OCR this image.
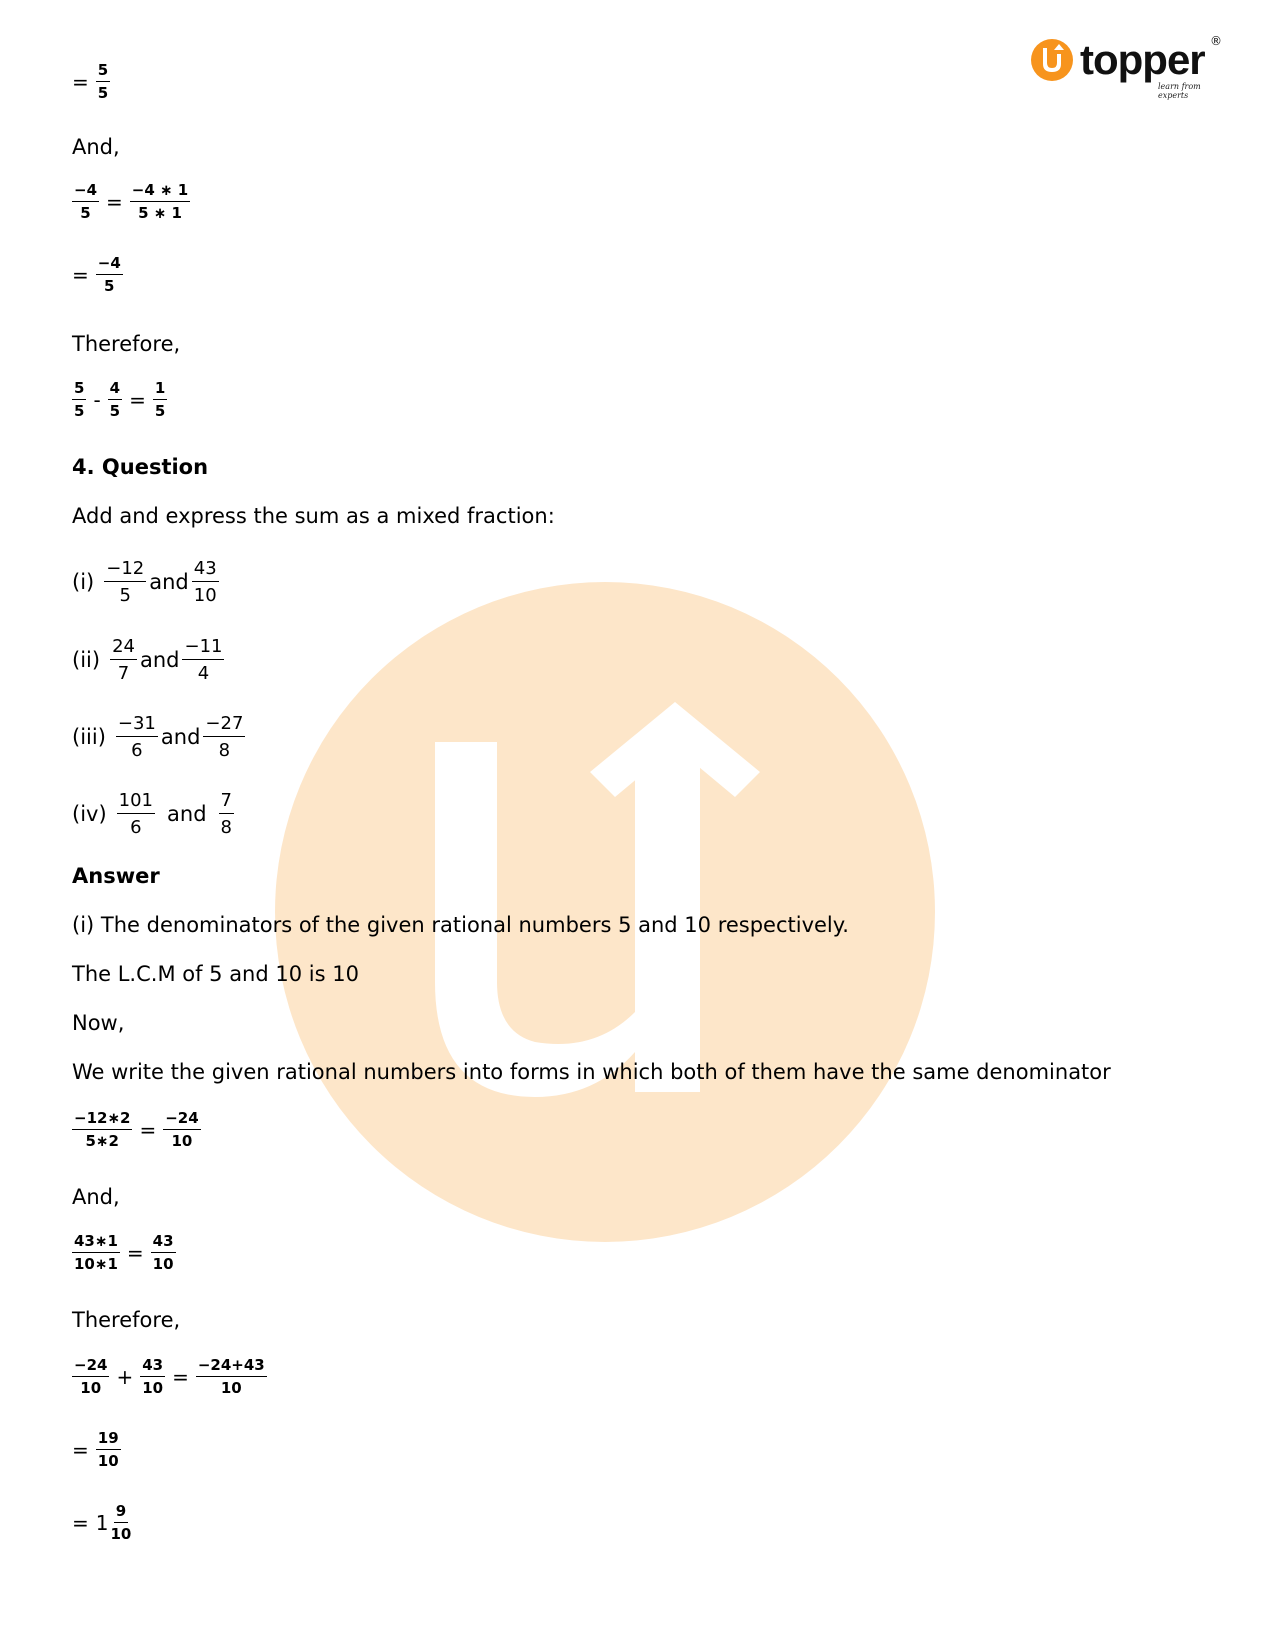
topper ®
learn from experts
= $\frac{5}{5}$
And,
$\frac{-4}{5} = \frac{-4 ∗ 1}{5 ∗ 1}$
= $\frac{-4}{5}$
Therefore,
$\frac{5}{5} - \frac{4}{5} = \frac{1}{5}$
4. Question
Add and express the sum as a mixed fraction:
$(i) \frac{-12}{5}$ and $\frac{43}{10}$
$(ii) \frac{24}{7}$ and $\frac{-11}{4}$
$(iii) \frac{-31}{6}$ and $\frac{-27}{8}$
$(iv) \frac{101}{6}$ and $\frac{7}{8}$
Answer
(i) The denominators of the given rational numbers 5 and 10 respectively.
The L.C.M of 5 and 10 is 10
Now,
We write the given rational numbers into forms in which both of them have the same denominator
$\frac{-12∗2}{5∗2} = \frac{-24}{10}$
And,
$\frac{43∗1}{10∗1} = \frac{43}{10}$
Therefore,
$\frac{-24}{10} + \frac{43}{10} = \frac{-24+43}{10}$
= $\frac{19}{10}$
= $1 \frac{9}{10}$
